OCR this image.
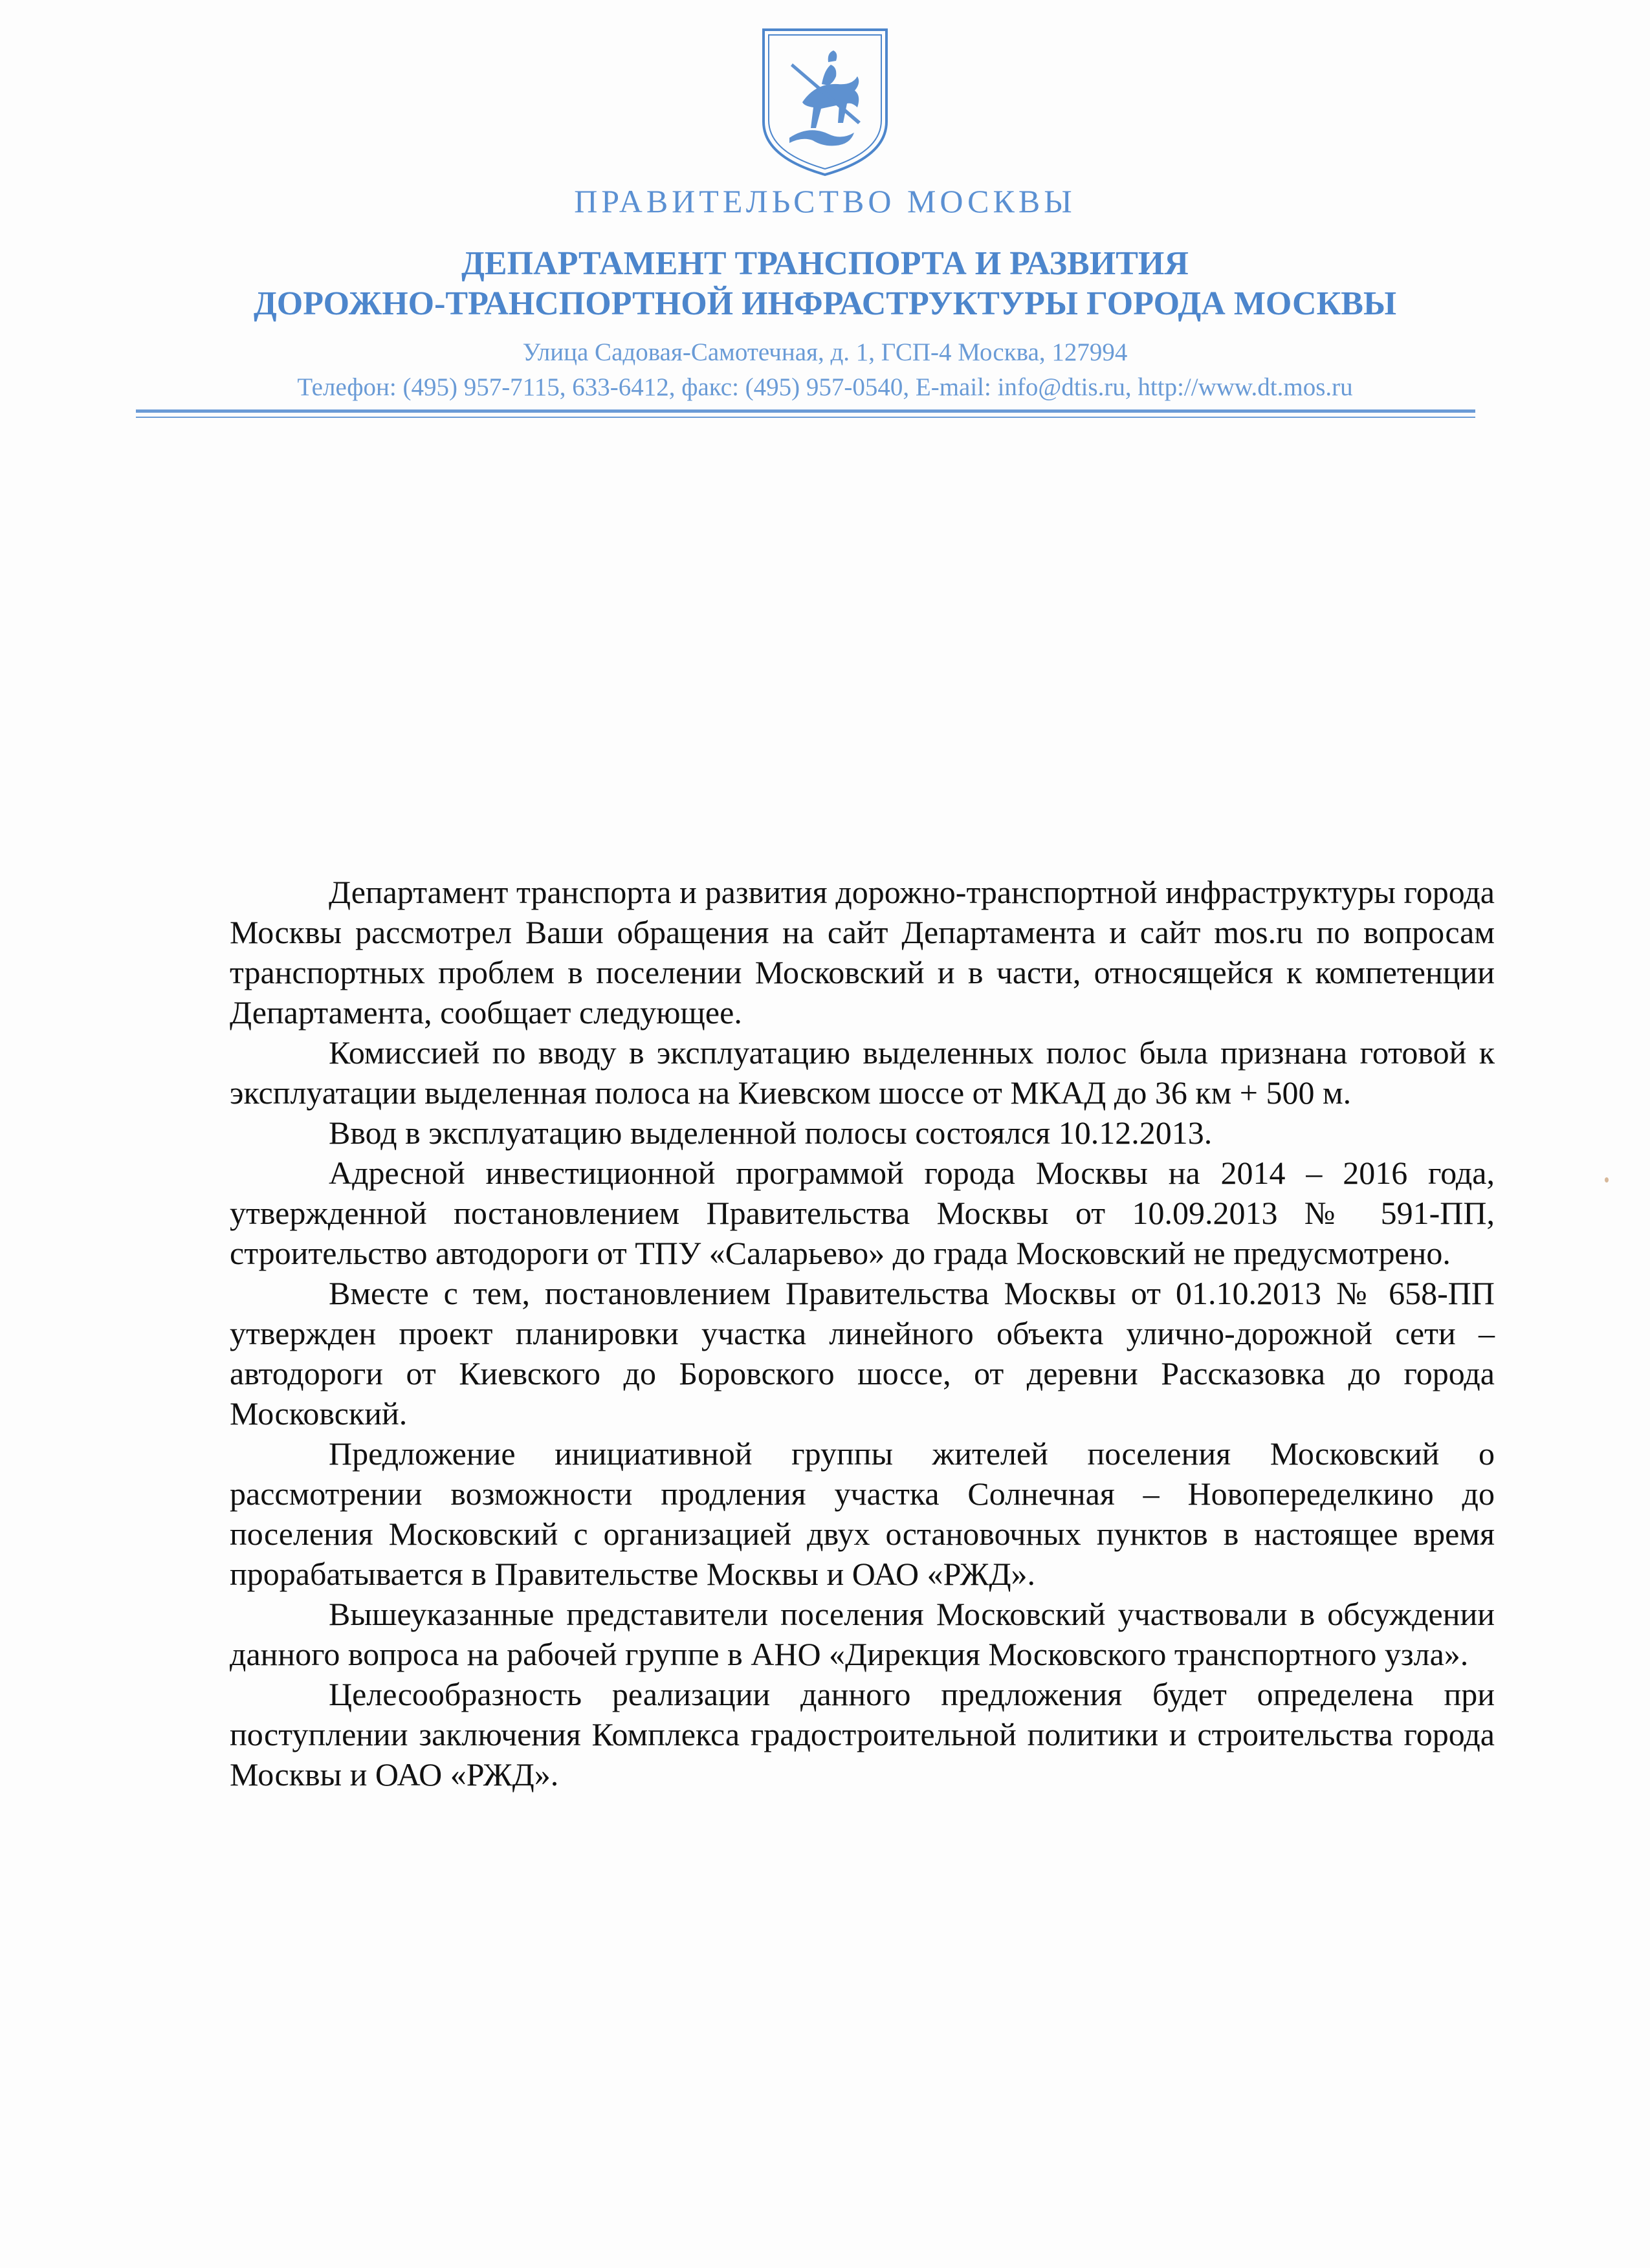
ПРАВИТЕЛЬСТВО МОСКВЫ
ДЕПАРТАМЕНТ ТРАНСПОРТА И РАЗВИТИЯ
ДОРОЖНО-ТРАНСПОРТНОЙ ИНФРАСТРУКТУРЫ ГОРОДА МОСКВЫ
Улица Садовая-Самотечная, д. 1, ГСП-4 Москва, 127994
Телефон: (495) 957-7115, 633-6412, факс: (495) 957-0540, E-mail: info@dtis.ru, http://www.dt.mos.ru

Департамент транспорта и развития дорожно-транспортной инфраструктуры города Москвы рассмотрел Ваши обращения на сайт Департамента и сайт mos.ru по вопросам транспортных проблем в поселении Московский и в части, относящейся к компетенции Департамента, сообщает следующее.

Комиссией по вводу в эксплуатацию выделенных полос была признана готовой к эксплуатации выделенная полоса на Киевском шоссе от МКАД до 36 км + 500 м.

Ввод в эксплуатацию выделенной полосы состоялся 10.12.2013.

Адресной инвестиционной программой города Москвы на 2014 – 2016 года, утвержденной постановлением Правительства Москвы от 10.09.2013 № 591-ПП, строительство автодороги от ТПУ «Саларьево» до града Московский не предусмотрено.

Вместе с тем, постановлением Правительства Москвы от 01.10.2013 № 658-ПП утвержден проект планировки участка линейного объекта улично-дорожной сети – автодороги от Киевского до Боровского шоссе, от деревни Рассказовка до города Московский.

Предложение инициативной группы жителей поселения Московский о рассмотрении возможности продления участка Солнечная – Новопеределкино до поселения Московский с организацией двух остановочных пунктов в настоящее время прорабатывается в Правительстве Москвы и ОАО «РЖД».

Вышеуказанные представители поселения Московский участвовали в обсуждении данного вопроса на рабочей группе в АНО «Дирекция Московского транспортного узла».

Целесообразность реализации данного предложения будет определена при поступлении заключения Комплекса градостроительной политики и строительства города Москвы и ОАО «РЖД».
